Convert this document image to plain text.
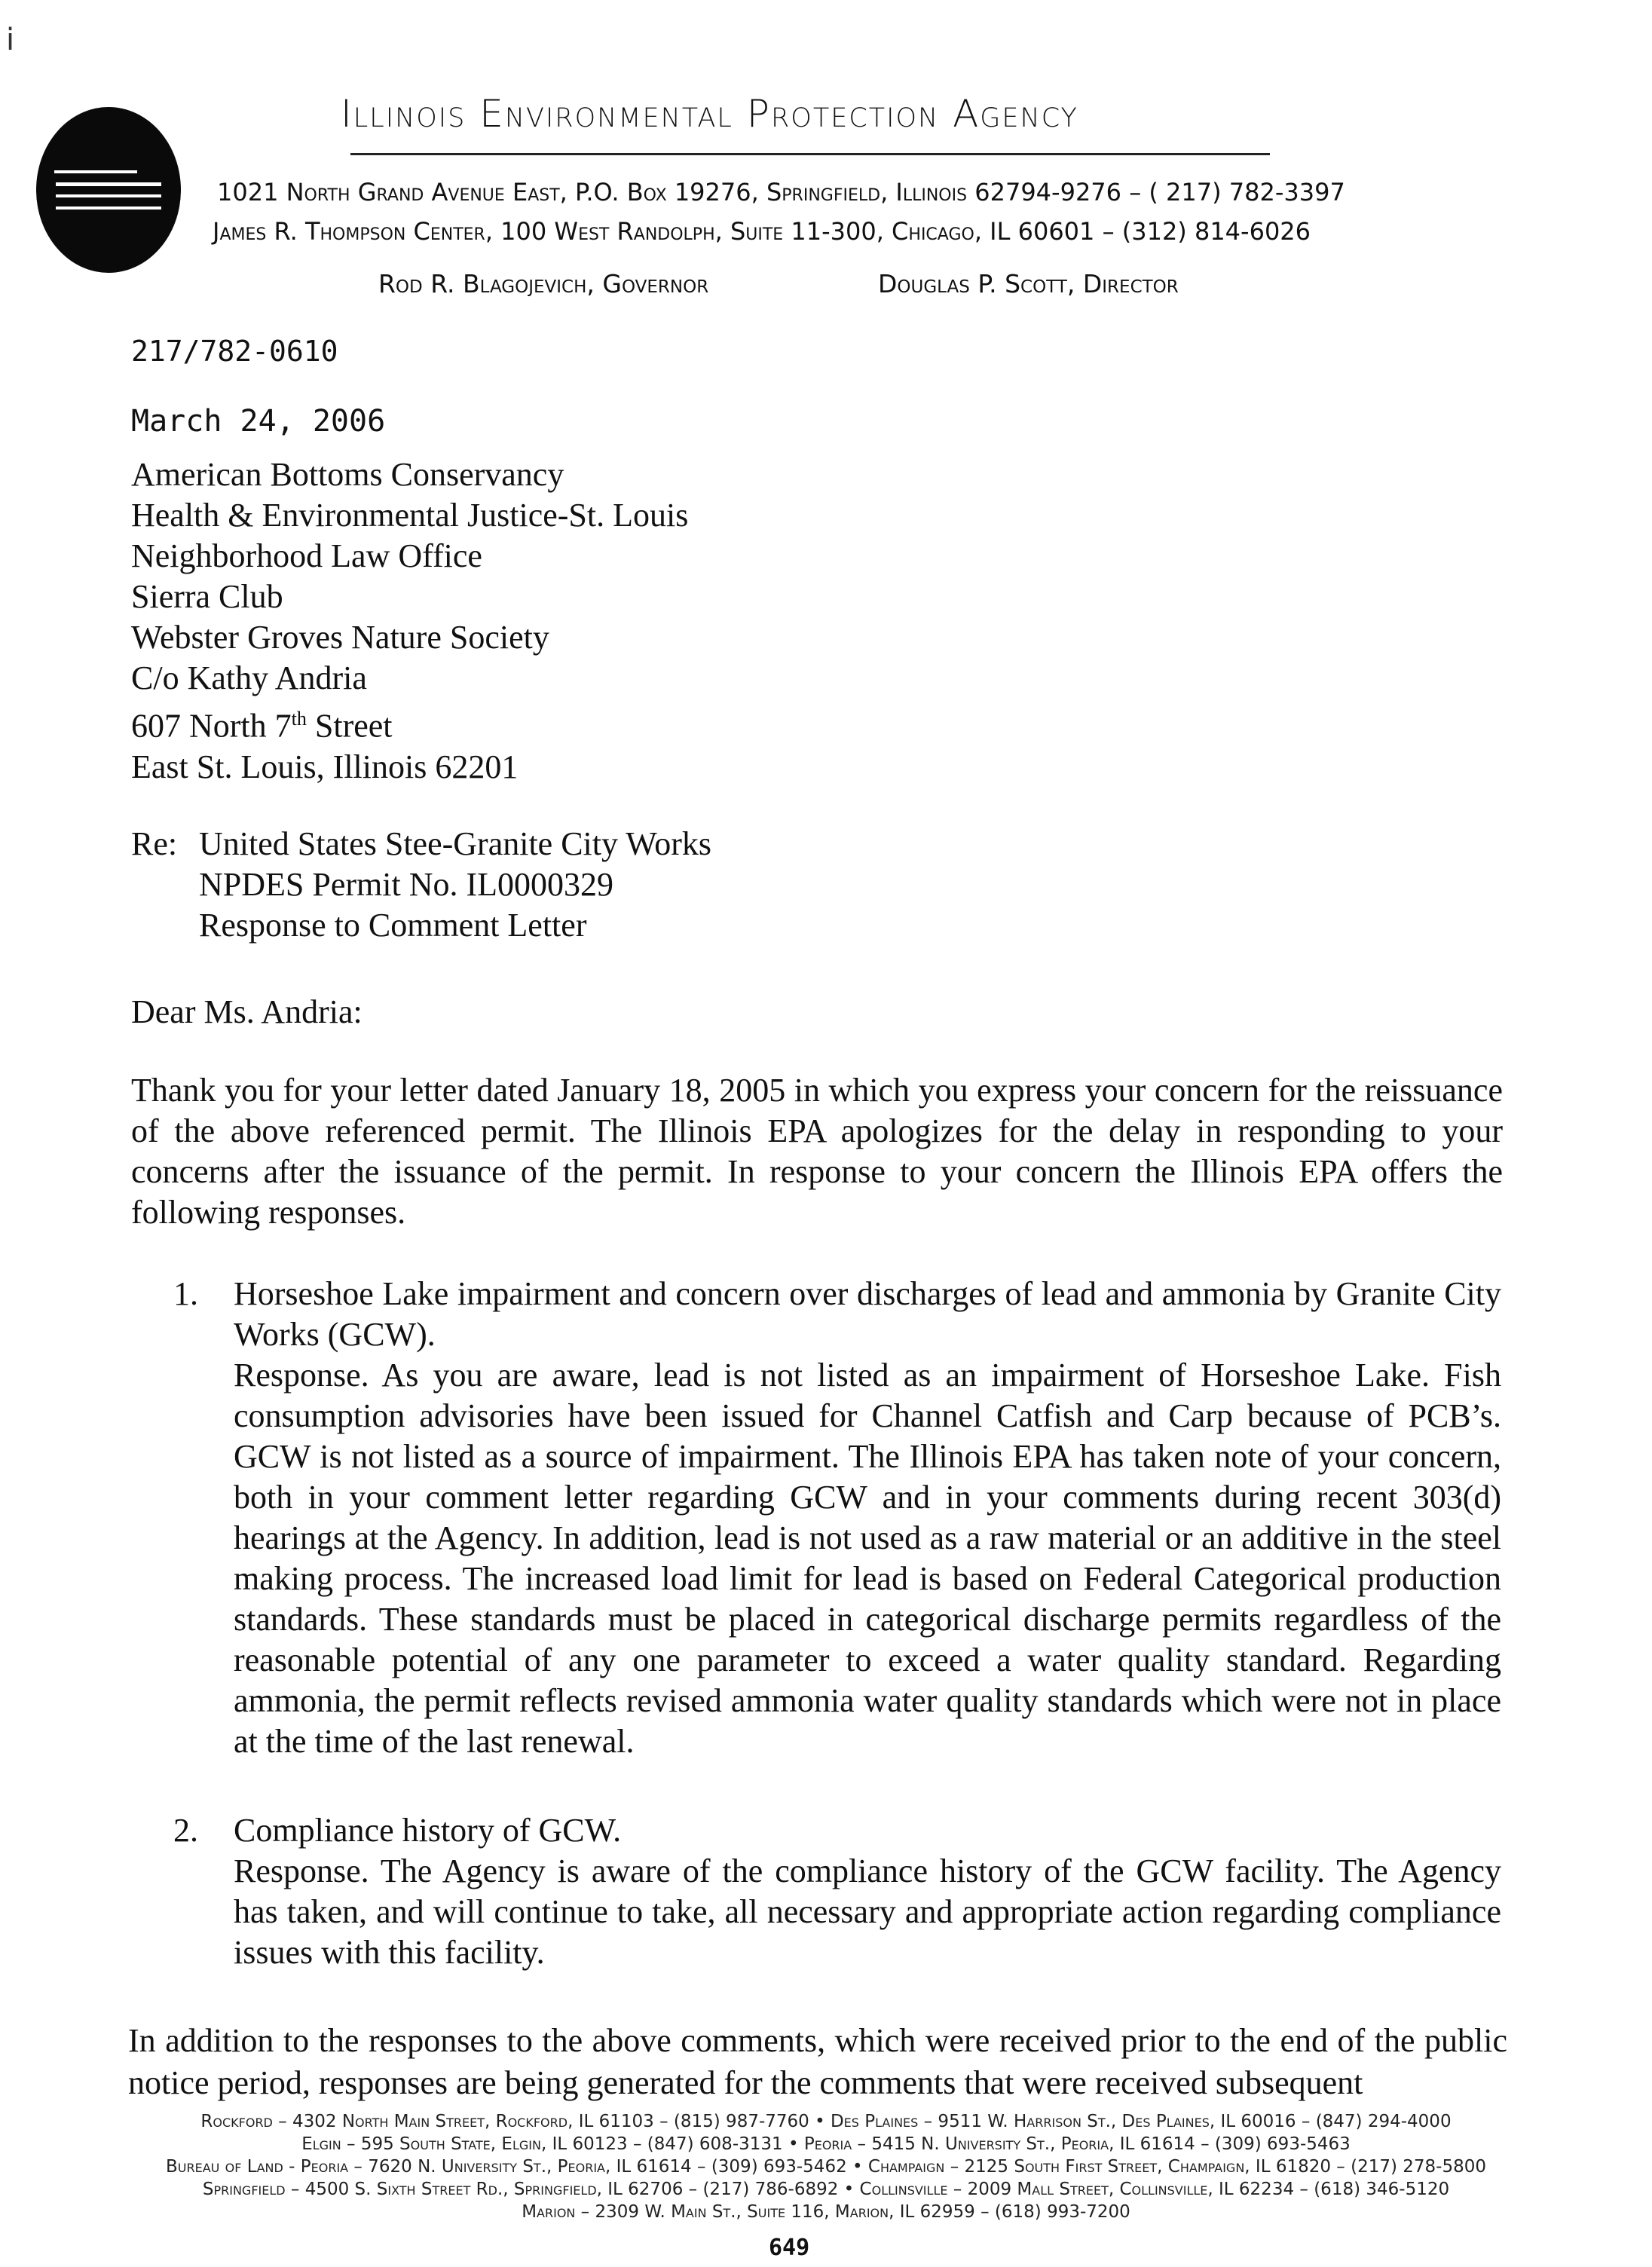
i
Illinois Environmental Protection Agency
1021 North Grand Avenue East, P.O. Box 19276, Springfield, Illinois 62794-9276 – ( 217) 782-3397
James R. Thompson Center, 100 West Randolph, Suite 11-300, Chicago, IL 60601 – (312) 814-6026
Rod R. Blagojevich, Governor	Douglas P. Scott, Director
217/782-0610
March 24, 2006
American Bottoms Conservancy
Health & Environmental Justice-St. Louis
Neighborhood Law Office
Sierra Club
Webster Groves Nature Society
C/o Kathy Andria
607 North 7th Street
East St. Louis, Illinois 62201
Re: United States Stee-Granite City Works
NPDES Permit No. IL0000329
Response to Comment Letter
Dear Ms. Andria:
Thank you for your letter dated January 18, 2005 in which you express your concern for the reissuance of the above referenced permit. The Illinois EPA apologizes for the delay in responding to your concerns after the issuance of the permit. In response to your concern the Illinois EPA offers the following responses.
1.	Horseshoe Lake impairment and concern over discharges of lead and ammonia by Granite City Works (GCW).
Response. As you are aware, lead is not listed as an impairment of Horseshoe Lake. Fish consumption advisories have been issued for Channel Catfish and Carp because of PCB’s. GCW is not listed as a source of impairment. The Illinois EPA has taken note of your concern, both in your comment letter regarding GCW and in your comments during recent 303(d) hearings at the Agency. In addition, lead is not used as a raw material or an additive in the steel making process. The increased load limit for lead is based on Federal Categorical production standards. These standards must be placed in categorical discharge permits regardless of the reasonable potential of any one parameter to exceed a water quality standard. Regarding ammonia, the permit reflects revised ammonia water quality standards which were not in place at the time of the last renewal.
2.	Compliance history of GCW.
Response. The Agency is aware of the compliance history of the GCW facility. The Agency has taken, and will continue to take, all necessary and appropriate action regarding compliance issues with this facility.
In addition to the responses to the above comments, which were received prior to the end of the public notice period, responses are being generated for the comments that were received subsequent
Rockford – 4302 North Main Street, Rockford, IL 61103 – (815) 987-7760 • Des Plaines – 9511 W. Harrison St., Des Plaines, IL 60016 – (847) 294-4000
Elgin – 595 South State, Elgin, IL 60123 – (847) 608-3131 • Peoria – 5415 N. University St., Peoria, IL 61614 – (309) 693-5463
Bureau of Land - Peoria – 7620 N. University St., Peoria, IL 61614 – (309) 693-5462 • Champaign – 2125 South First Street, Champaign, IL 61820 – (217) 278-5800
Springfield – 4500 S. Sixth Street Rd., Springfield, IL 62706 – (217) 786-6892 • Collinsville – 2009 Mall Street, Collinsville, IL 62234 – (618) 346-5120
Marion – 2309 W. Main St., Suite 116, Marion, IL 62959 – (618) 993-7200
649
